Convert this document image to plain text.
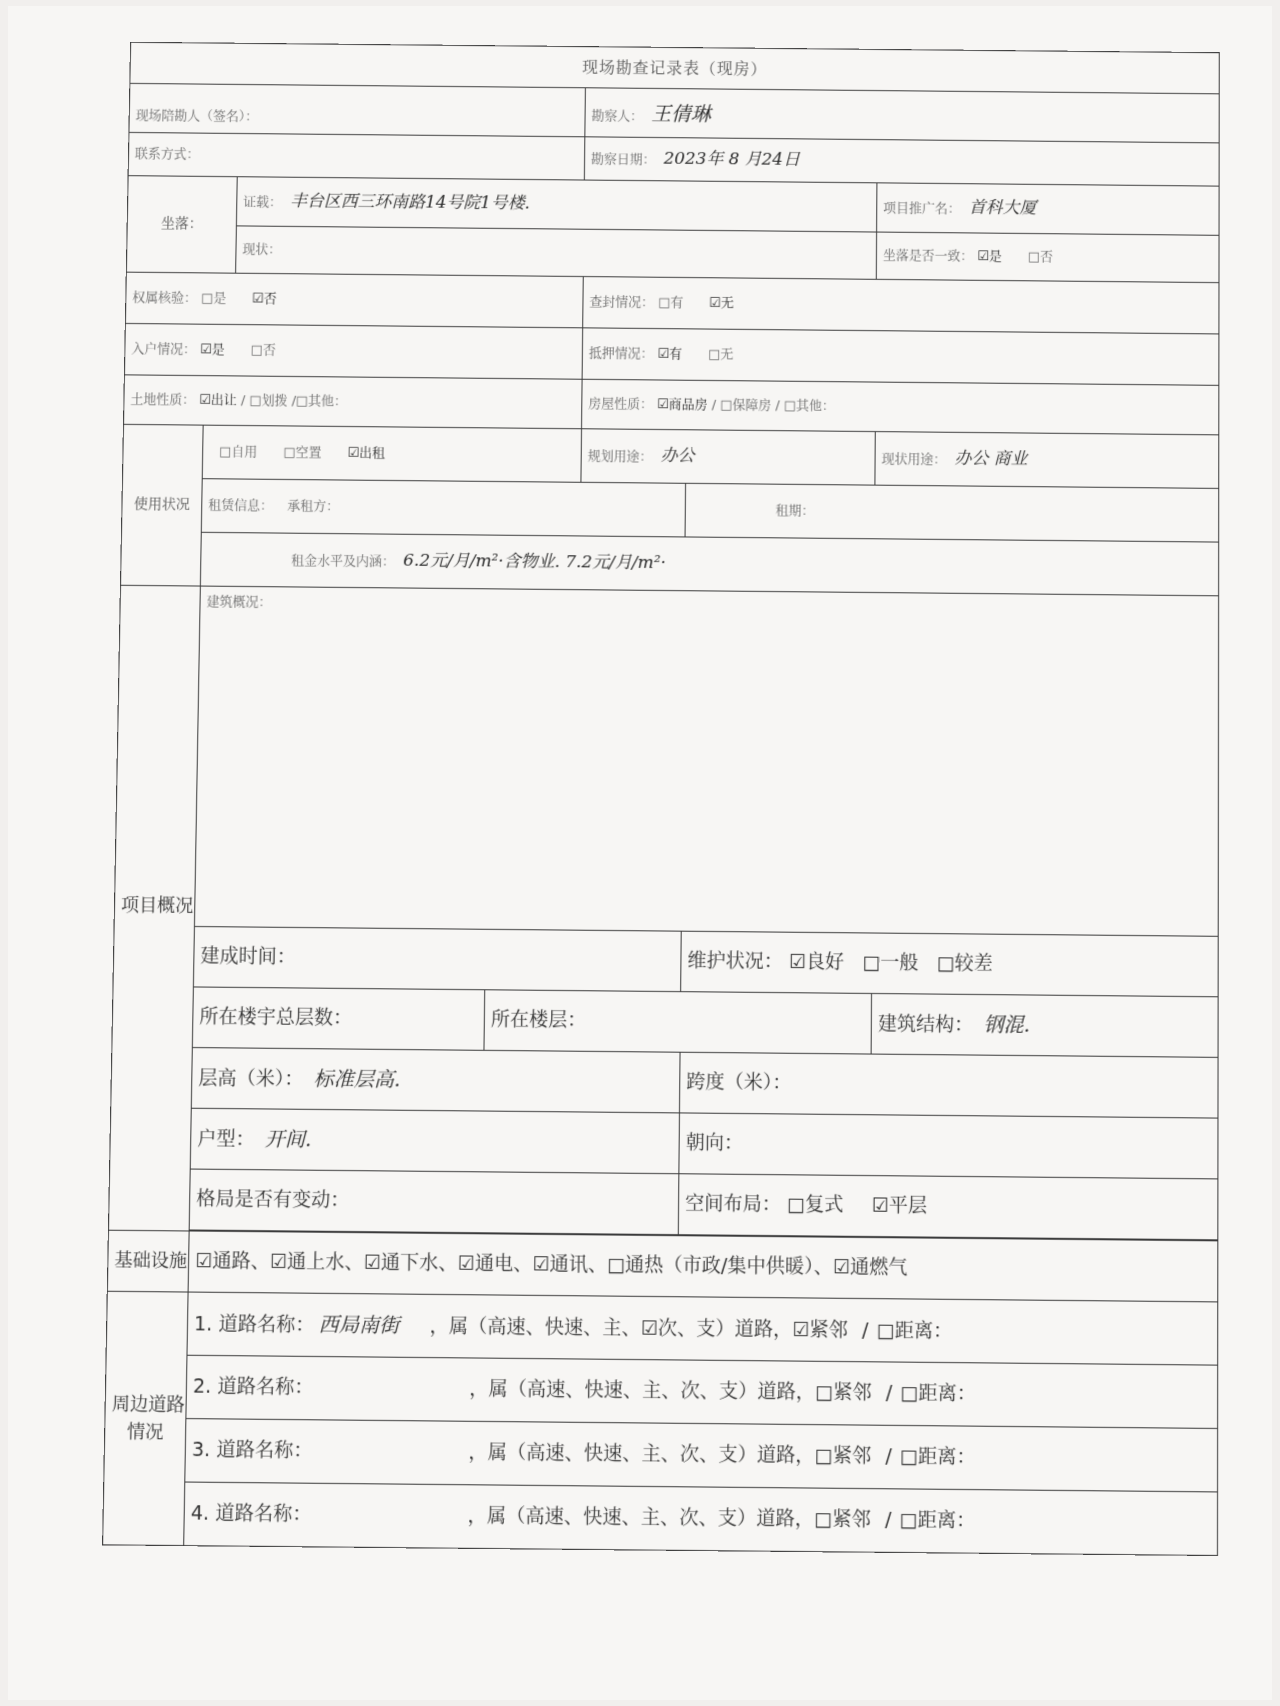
现场勘查记录表（现房）						
现场陪勘人（签名）：				勘察人： 王倩琳		
联系方式：				勘察日期： 2023年 8 月24日		
坐落：		证载： 丰台区西三环南路14号院1号楼.				项目推广名： 首科大厦
		现状：				坐落是否一致： ☑是 □否
权属核验： □是 ☑否				查封情况： □有 ☑无		
入户情况： ☑是 □否				抵押情况： ☑有 □无		
土地性质： ☑出让 / □划拨 /□其他：				房屋性质： ☑商品房 / □保障房 / □其他：		
使用状况	□自用 □空置 ☑出租			规划用途： 办公		现状用途： 办公 商业
	租赁信息： 承租方：				租期：	
	租金水平及内涵： 6.2元/月/m²·含物业. 7.2元/月/m²·					
项目概况	建筑概况：					
	建成时间：				维护状况： ☑良好 □一般 □较差	
	所在楼宇总层数：		所在楼层：			建筑结构： 钢混.
	层高（米）： 标准层高.				跨度（米）：	
	户型： 开间.				朝向：	
	格局是否有变动：				空间布局： □复式 ☑平层	

基础设施	☑通路、☑通上水、☑通下水、☑通电、☑通讯、□通热（市政/集中供暖）、☑通燃气					
周边道路
情况	1. 道路名称： 西局南街 ，属（高速、快速、主、☑次、支）道路，☑紧邻 / □距离：					
	2. 道路名称： ，属（高速、快速、主、次、支）道路，□紧邻 / □距离：					
	3. 道路名称： ，属（高速、快速、主、次、支）道路，□紧邻 / □距离：					
	4. 道路名称： ，属（高速、快速、主、次、支）道路，□紧邻 / □距离：					
